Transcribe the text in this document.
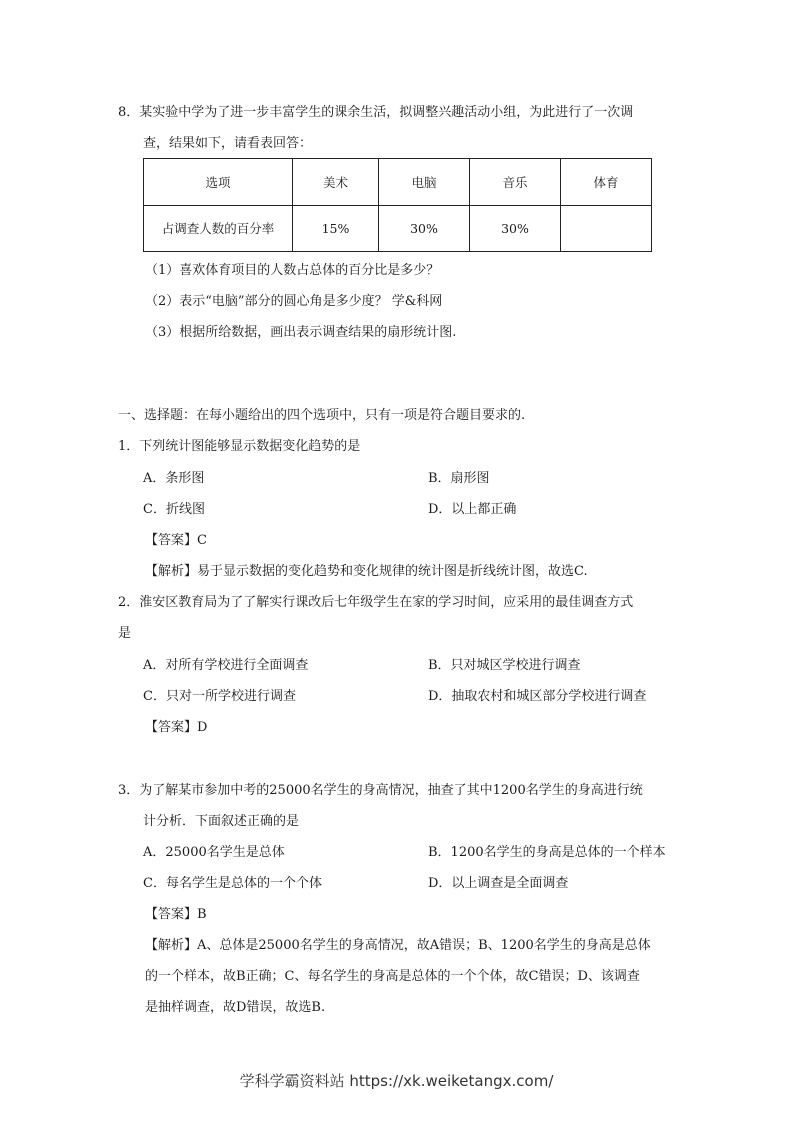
8．某实验中学为了进一步丰富学生的课余生活，拟调整兴趣活动小组，为此进行了一次调
查，结果如下，请看表回答：
选项	美术	电脑	音乐	体育
占调查人数的百分率	15%	30%	30%	
（1）喜欢体育项目的人数占总体的百分比是多少？
（2）表示“电脑”部分的圆心角是多少度？ 学&科网
（3）根据所给数据，画出表示调查结果的扇形统计图.
一、选择题：在每小题给出的四个选项中，只有一项是符合题目要求的.
1．下列统计图能够显示数据变化趋势的是
A．条形图	B．扇形图
C．折线图	D．以上都正确
【答案】C
【解析】易于显示数据的变化趋势和变化规律的统计图是折线统计图，故选C.
2．淮安区教育局为了了解实行课改后七年级学生在家的学习时间，应采用的最佳调查方式
是
A．对所有学校进行全面调查	B．只对城区学校进行调查
C．只对一所学校进行调查	D．抽取农村和城区部分学校进行调查
【答案】D
3．为了解某市参加中考的25000名学生的身高情况，抽查了其中1200名学生的身高进行统
计分析．下面叙述正确的是
A．25000名学生是总体	B．1200名学生的身高是总体的一个样本
C．每名学生是总体的一个个体	D．以上调查是全面调查
【答案】B
【解析】A、总体是25000名学生的身高情况，故A错误；B、1200名学生的身高是总体
的一个样本，故B正确；C、每名学生的身高是总体的一个个体，故C错误；D、该调查
是抽样调查，故D错误，故选B.
学科学霸资料站 https://xk.weiketangx.com/
